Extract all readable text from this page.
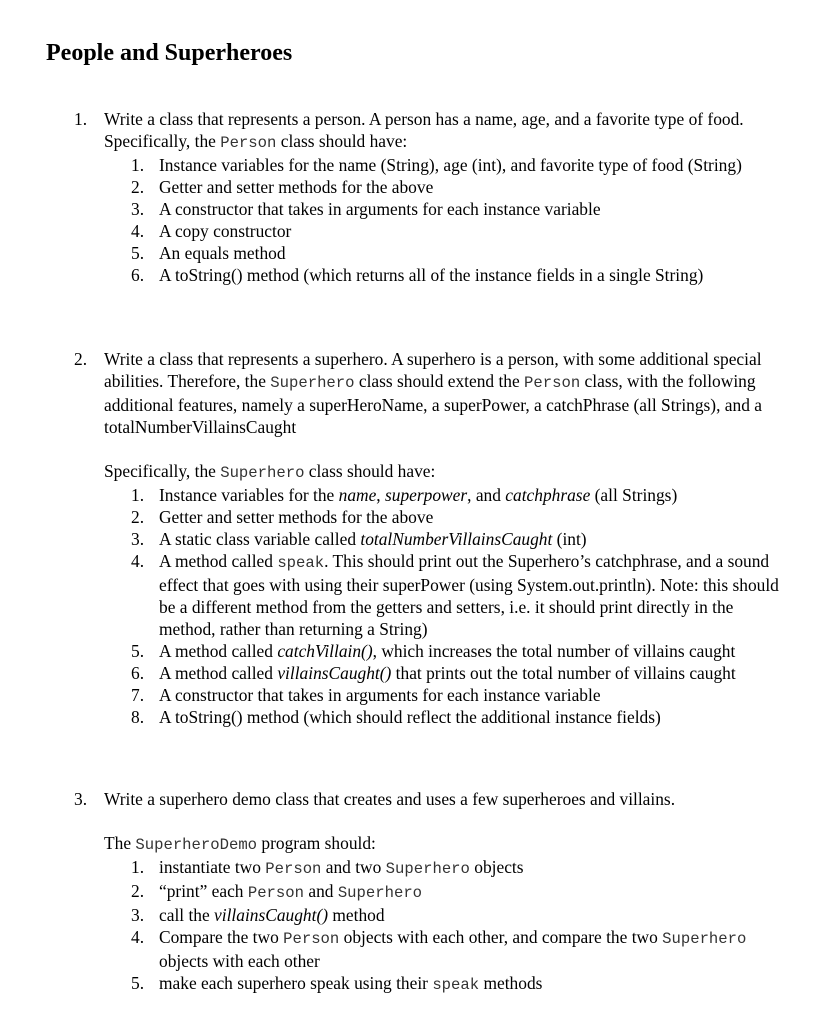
People and Superheroes
1. Write a class that represents a person. A person has a name, age, and a favorite type of food.

Specifically, the Person class should have:

1. Instance variables for the name (String), age (int), and favorite type of food (String)
2. Getter and setter methods for the above
3. A constructor that takes in arguments for each instance variable
4. A copy constructor
5. An equals method
6. A toString() method (which returns all of the instance fields in a single String)
2. Write a class that represents a superhero. A superhero is a person, with some additional special abilities. Therefore, the Superhero class should extend the Person class, with the following additional features, namely a superHeroName, a superPower, a catchPhrase (all Strings), and a totalNumberVillainsCaught

Specifically, the Superhero class should have:

1. Instance variables for the name, superpower, and catchphrase (all Strings)
2. Getter and setter methods for the above
3. A static class variable called totalNumberVillainsCaught (int)
4. A method called speak. This should print out the Superhero’s catchphrase, and a sound effect that goes with using their superPower (using System.out.println). Note: this should be a different method from the getters and setters, i.e. it should print directly in the method, rather than returning a String)
5. A method called catchVillain(), which increases the total number of villains caught
6. A method called villainsCaught() that prints out the total number of villains caught
7. A constructor that takes in arguments for each instance variable
8. A toString() method (which should reflect the additional instance fields)
3. Write a superhero demo class that creates and uses a few superheroes and villains.

The SuperheroDemo program should:

1. instantiate two Person and two Superhero objects
2. “print” each Person and Superhero
3. call the villainsCaught() method
4. Compare the two Person objects with each other, and compare the two Superhero objects with each other
5. make each superhero speak using their speak methods
